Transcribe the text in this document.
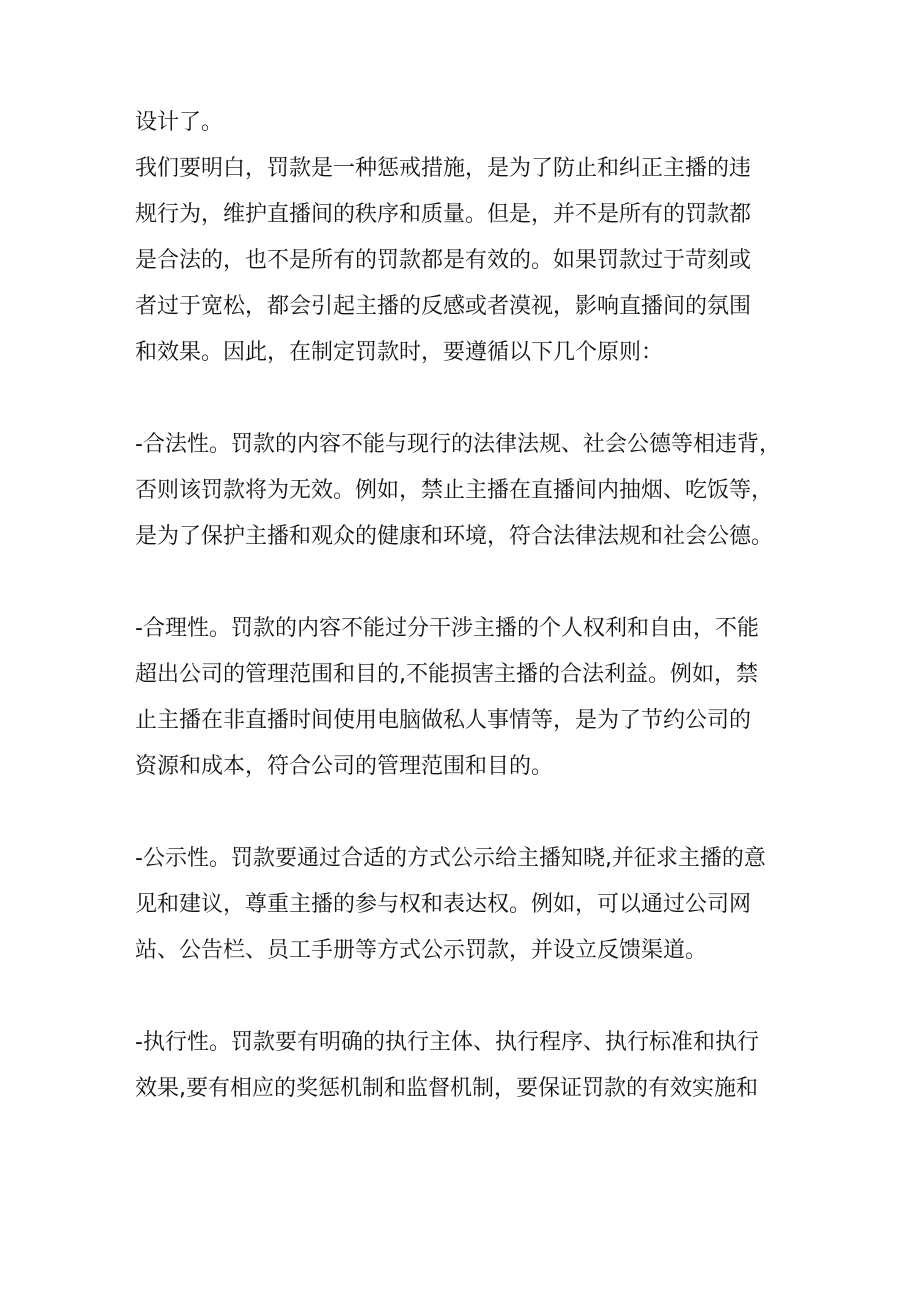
设计了。
我们要明白，罚款是一种惩戒措施，是为了防止和纠正主播的违
规行为，维护直播间的秩序和质量。但是，并不是所有的罚款都
是合法的，也不是所有的罚款都是有效的。如果罚款过于苛刻或
者过于宽松，都会引起主播的反感或者漠视，影响直播间的氛围
和效果。因此，在制定罚款时，要遵循以下几个原则：
-合法性。罚款的内容不能与现行的法律法规、社会公德等相违背，
否则该罚款将为无效。例如，禁止主播在直播间内抽烟、吃饭等，
是为了保护主播和观众的健康和环境，符合法律法规和社会公德。
-合理性。罚款的内容不能过分干涉主播的个人权利和自由，不能
超出公司的管理范围和目的,不能损害主播的合法利益。例如，禁
止主播在非直播时间使用电脑做私人事情等，是为了节约公司的
资源和成本，符合公司的管理范围和目的。
-公示性。罚款要通过合适的方式公示给主播知晓,并征求主播的意
见和建议，尊重主播的参与权和表达权。例如，可以通过公司网
站、公告栏、员工手册等方式公示罚款，并设立反馈渠道。
-执行性。罚款要有明确的执行主体、执行程序、执行标准和执行
效果,要有相应的奖惩机制和监督机制，要保证罚款的有效实施和
